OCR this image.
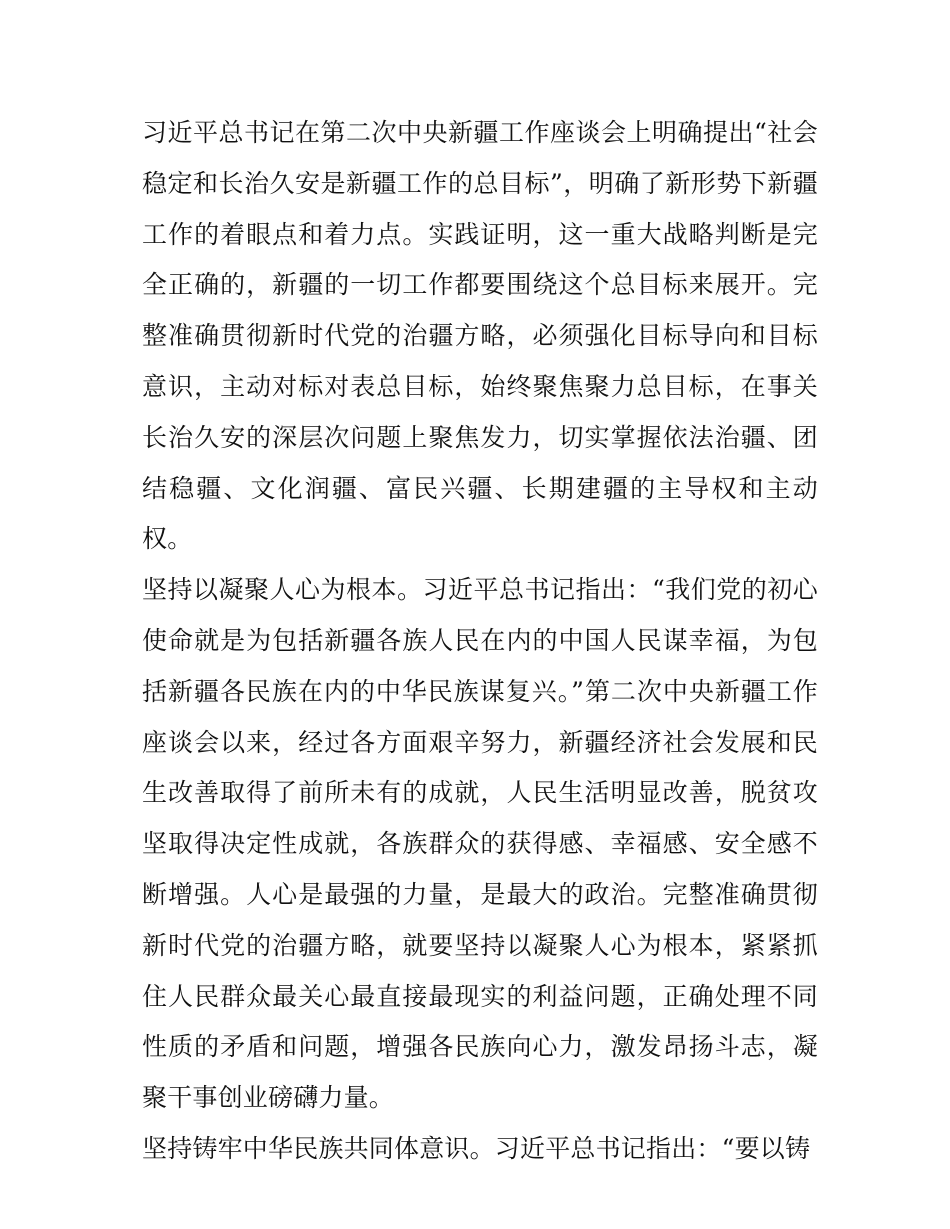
习近平总书记在第二次中央新疆工作座谈会上明确提出“社会稳定和长治久安是新疆工作的总目标”，明确了新形势下新疆工作的着眼点和着力点。实践证明，这一重大战略判断是完全正确的，新疆的一切工作都要围绕这个总目标来展开。完整准确贯彻新时代党的治疆方略，必须强化目标导向和目标意识，主动对标对表总目标，始终聚焦聚力总目标，在事关长治久安的深层次问题上聚焦发力，切实掌握依法治疆、团结稳疆、文化润疆、富民兴疆、长期建疆的主导权和主动权。

坚持以凝聚人心为根本。习近平总书记指出：“我们党的初心使命就是为包括新疆各族人民在内的中国人民谋幸福，为包括新疆各民族在内的中华民族谋复兴。”第二次中央新疆工作座谈会以来，经过各方面艰辛努力，新疆经济社会发展和民生改善取得了前所未有的成就，人民生活明显改善，脱贫攻坚取得决定性成就，各族群众的获得感、幸福感、安全感不断增强。人心是最强的力量，是最大的政治。完整准确贯彻新时代党的治疆方略，就要坚持以凝聚人心为根本，紧紧抓住人民群众最关心最直接最现实的利益问题，正确处理不同性质的矛盾和问题，增强各民族向心力，激发昂扬斗志，凝聚干事创业磅礴力量。

坚持铸牢中华民族共同体意识。习近平总书记指出：“要以铸
